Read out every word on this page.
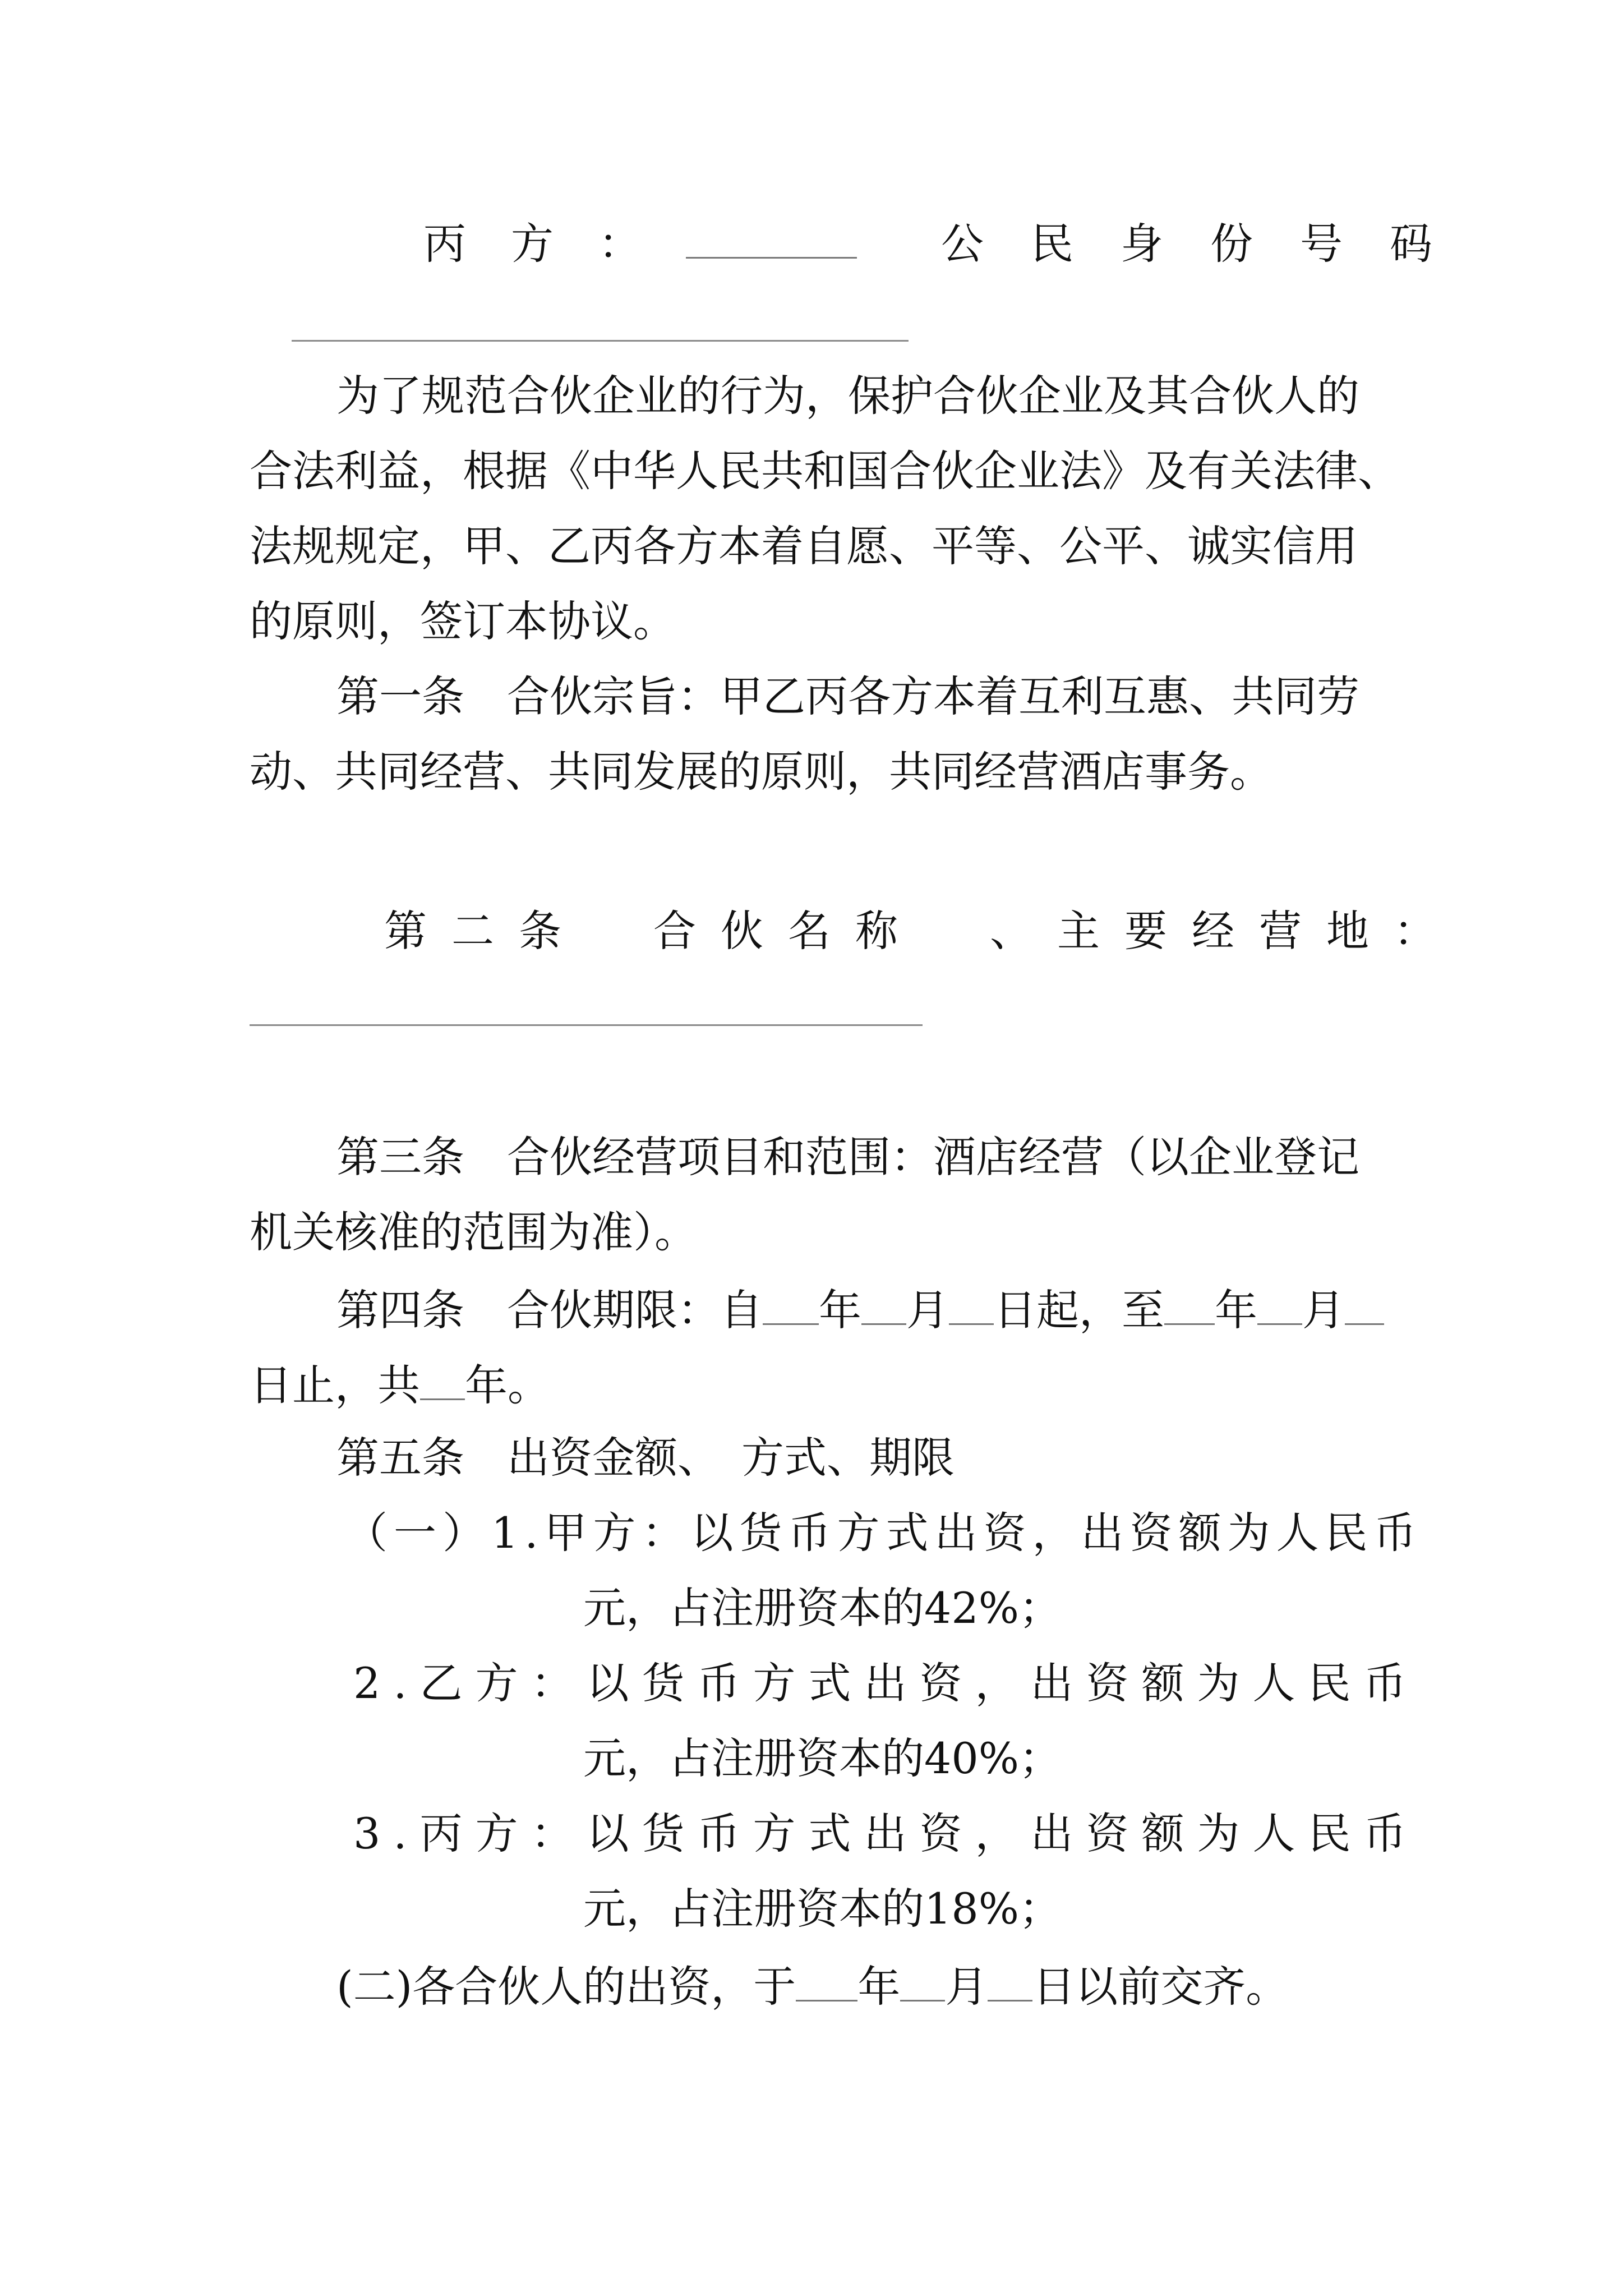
丙方：	公民身份号码
为了规范合伙企业的行为，保护合伙企业及其合伙人的
合法利益，根据《中华人民共和国合伙企业法》及有关法律、
法规规定，甲、乙丙各方本着自愿、平等、公平、诚实信用
的原则，签订本协议。
第一条　合伙宗旨：甲乙丙各方本着互利互惠、共同劳
动、共同经营、共同发展的原则，共同经营酒店事务。
第二条　合伙名称　、主要经营地：
第三条　合伙经营项目和范围：酒店经营（以企业登记
机关核准的范围为准）。
第四条　合伙期限：自 年 月 日起，至 年 月
日止，共 年。
第五条　出资金额、　方式、期限
（一）1.甲方：以货币方式出资，出资额为人民币
元，占注册资本的42%；
2.乙方：以货币方式出资，出资额为人民币
元，占注册资本的40%；
3.丙方：以货币方式出资，出资额为人民币
元，占注册资本的18%；
(二)各合伙人的出资，于 年 月 日以前交齐。
